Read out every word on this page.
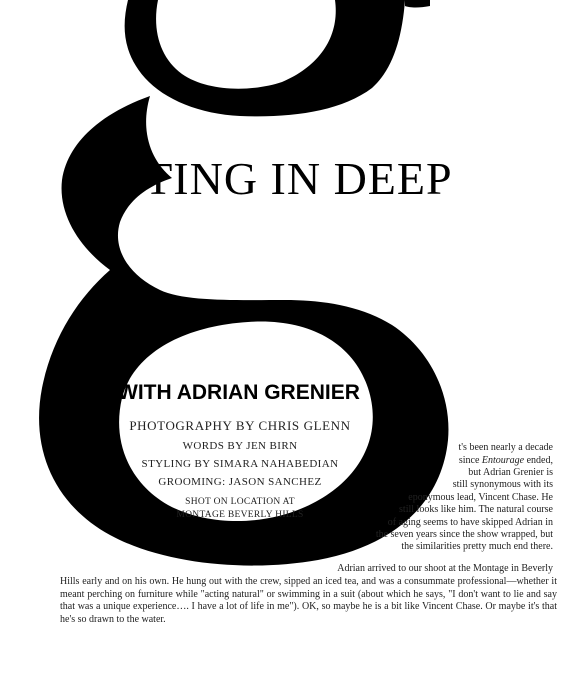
ETTING IN DEEP
WITH ADRIAN GRENIER
PHOTOGRAPHY BY CHRIS GLENN
WORDS BY JEN BIRN
STYLING BY SIMARA NAHABEDIAN
GROOMING: JASON SANCHEZ
SHOT ON LOCATION AT
MONTAGE BEVERLY HILLS
I t's been nearly a decade
since Entourage ended,
but Adrian Grenier is
still synonymous with its
eponymous lead, Vincent Chase. He
still looks like him. The natural course
of aging seems to have skipped Adrian in
the seven years since the show wrapped, but
the similarities pretty much end there.
Adrian arrived to our shoot at the Montage in Beverly
Hills early and on his own. He hung out with the crew, sipped an iced tea, and was a consummate professional—whether it meant perching on furniture while "acting natural" or swimming in a suit (about which he says, "I don't want to lie and say that was a unique experience…. I have a lot of life in me"). OK, so maybe he is a bit like Vincent Chase. Or maybe it's that he's so drawn to the water.
